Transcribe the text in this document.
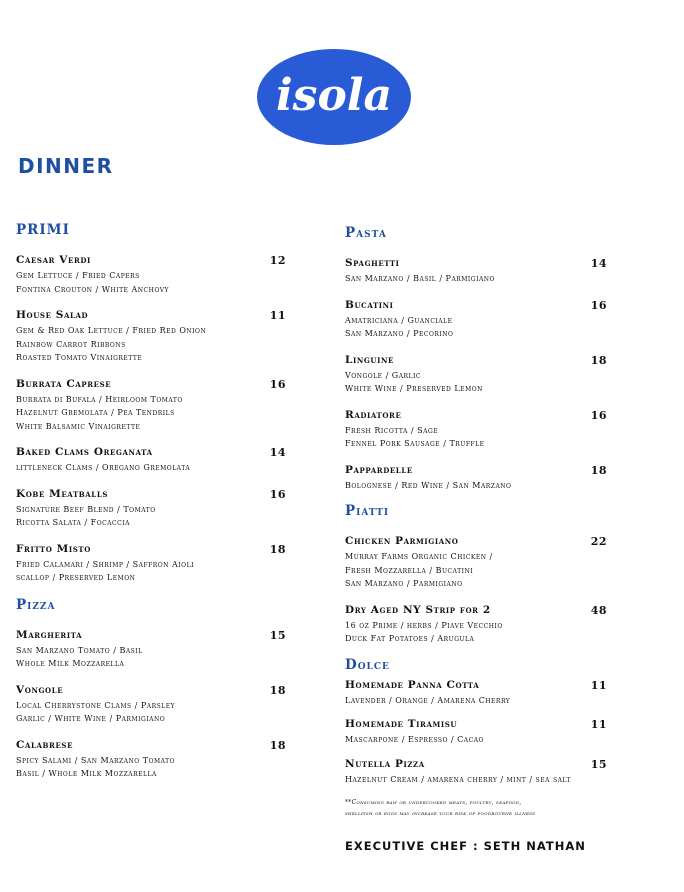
isola
DINNER
PRIMI
Caesar Verdi	12
Gem Lettuce / Fried Capers
Fontina Crouton / White Anchovy
House Salad	11
Gem & Red Oak Lettuce / Fried Red Onion
Rainbow Carrot Ribbons
Roasted Tomato Vinaigrette
Burrata Caprese	16
Burrata di Bufala / Heirloom Tomato
Hazelnut Gremolata / Pea Tendrils
White Balsamic Vinaigrette
Baked Clams Oreganata	14
littleneck Clams / Oregano Gremolata
Kobe Meatballs	16
Signature Beef Blend / Tomato
Ricotta Salata / Focaccia
Fritto Misto	18
Fried Calamari / Shrimp / Saffron Aioli
scallop / Preserved Lemon
Pizza
Margherita	15
San Marzano Tomato / Basil
Whole Milk Mozzarella
Vongole	18
Local Cherrystone Clams / Parsley
Garlic / White Wine / Parmigiano
Calabrese	18
Spicy Salami / San Marzano Tomato
Basil / Whole Milk Mozzarella
Pasta
Spaghetti	14
San Marzano / Basil / Parmigiano
Bucatini	16
Amatriciana / Guanciale
San Marzano / Pecorino
Linguine	18
Vongole / Garlic
White Wine / Preserved Lemon
Radiatore	16
Fresh Ricotta / Sage
Fennel Pork Sausage / Truffle
Pappardelle	18
Bolognese / Red Wine / San Marzano
Piatti
Chicken Parmigiano	22
Murray Farms Organic Chicken /
Fresh Mozzarella / Bucatini
San Marzano / Parmigiano
Dry Aged NY Strip for 2	48
16 oz Prime / herbs / Piave Vecchio
Duck Fat Potatoes / Arugula
Dolce
Homemade Panna Cotta	11
Lavender / Orange / Amarena Cherry
Homemade Tiramisu	11
Mascarpone / Espresso / Cacao
Nutella Pizza	15
Hazelnut Cream / amarena cherry / mint / sea salt
**Consuming raw or undercooked meats, poultry, seafood,
shellfish or eggs may increase your risk of foodbourne illness
EXECUTIVE CHEF : SETH NATHAN
